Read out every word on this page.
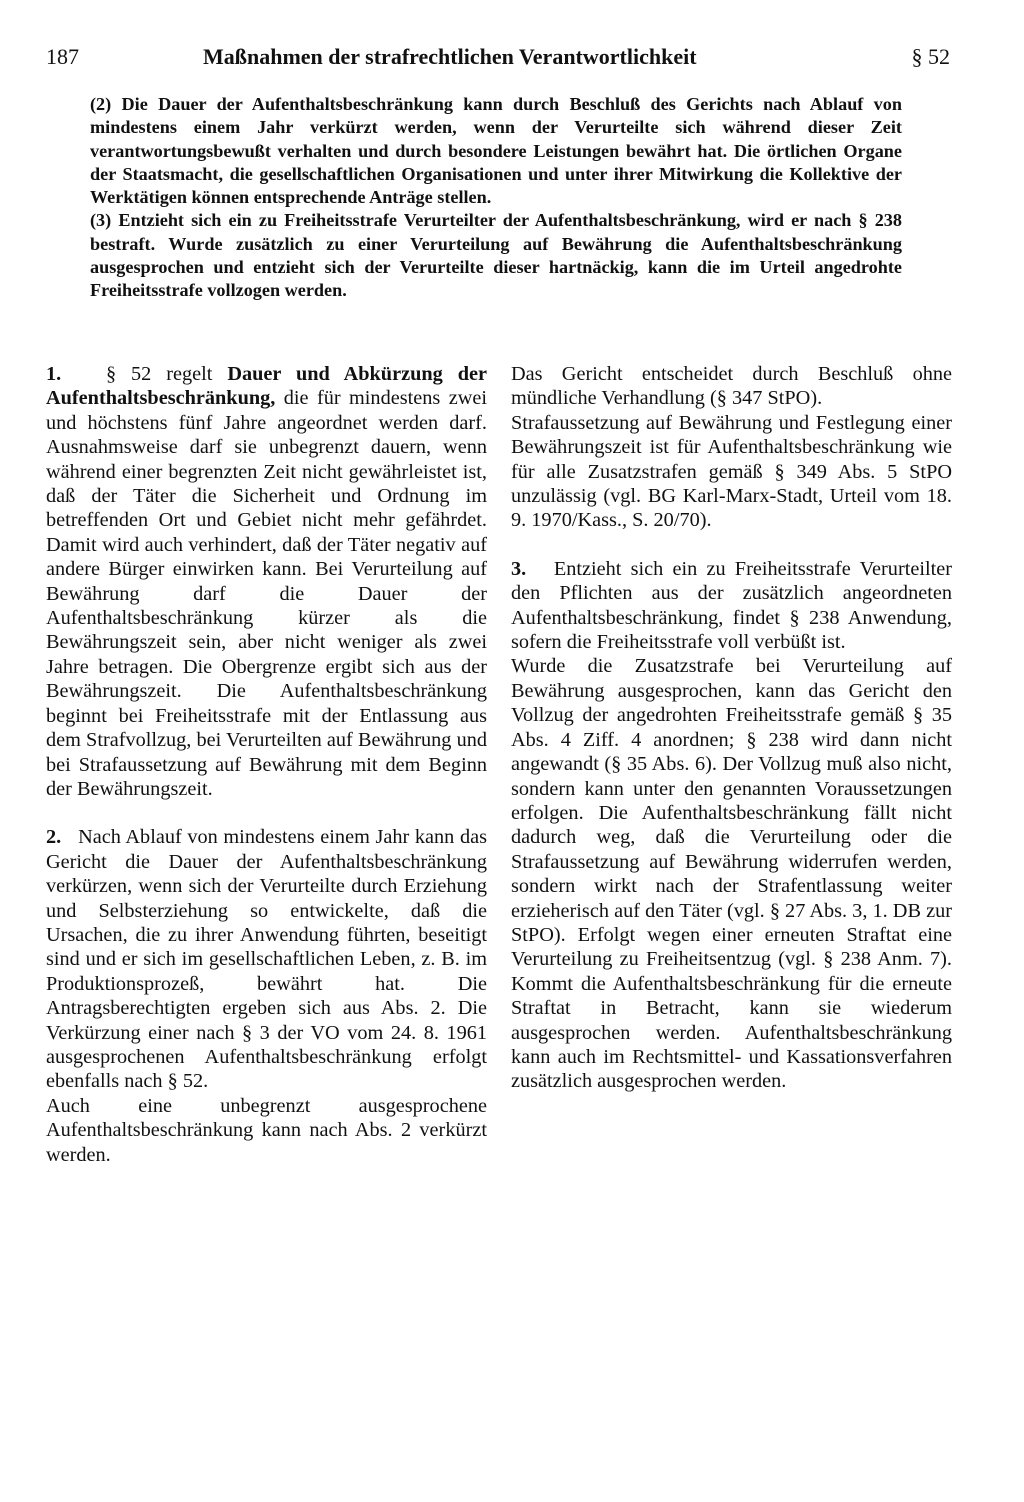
187	Maßnahmen der strafrechtlichen Verantwortlichkeit	§ 52

(2) Die Dauer der Aufenthaltsbeschränkung kann durch Beschluß des Gerichts nach Ablauf von mindestens einem Jahr verkürzt werden, wenn der Verurteilte sich während dieser Zeit verantwortungsbewußt verhalten und durch besondere Leistungen bewährt hat. Die örtlichen Organe der Staatsmacht, die gesellschaftlichen Organisationen und unter ihrer Mitwirkung die Kollektive der Werktätigen können entsprechende Anträge stellen.

(3) Entzieht sich ein zu Freiheitsstrafe Verurteilter der Aufenthaltsbeschränkung, wird er nach § 238 bestraft. Wurde zusätzlich zu einer Verurteilung auf Bewährung die Aufenthaltsbeschränkung ausgesprochen und entzieht sich der Verurteilte dieser hartnäckig, kann die im Urteil angedrohte Freiheitsstrafe vollzogen werden.

1. § 52 regelt Dauer und Abkürzung der Aufenthaltsbeschränkung, die für mindestens zwei und höchstens fünf Jahre angeordnet werden darf. Ausnahmsweise darf sie unbegrenzt dauern, wenn während einer begrenzten Zeit nicht gewährleistet ist, daß der Täter die Sicherheit und Ordnung im betreffenden Ort und Gebiet nicht mehr gefährdet. Damit wird auch verhindert, daß der Täter negativ auf andere Bürger einwirken kann. Bei Verurteilung auf Bewährung darf die Dauer der Aufenthaltsbeschränkung kürzer als die Bewährungszeit sein, aber nicht weniger als zwei Jahre betragen. Die Obergrenze ergibt sich aus der Bewährungszeit. Die Aufenthaltsbeschränkung beginnt bei Freiheitsstrafe mit der Entlassung aus dem Strafvollzug, bei Verurteilten auf Bewährung und bei Strafaussetzung auf Bewährung mit dem Beginn der Bewährungszeit.

2. Nach Ablauf von mindestens einem Jahr kann das Gericht die Dauer der Aufenthaltsbeschränkung verkürzen, wenn sich der Verurteilte durch Erziehung und Selbsterziehung so entwickelte, daß die Ursachen, die zu ihrer Anwendung führten, beseitigt sind und er sich im gesellschaftlichen Leben, z. B. im Produktionsprozeß, bewährt hat. Die Antragsberechtigten ergeben sich aus Abs. 2. Die Verkürzung einer nach § 3 der VO vom 24. 8. 1961 ausgesprochenen Aufenthaltsbeschränkung erfolgt ebenfalls nach § 52.

Auch eine unbegrenzt ausgesprochene Aufenthaltsbeschränkung kann nach Abs. 2 verkürzt werden.

Das Gericht entscheidet durch Beschluß ohne mündliche Verhandlung (§ 347 StPO).

Strafaussetzung auf Bewährung und Festlegung einer Bewährungszeit ist für Aufenthaltsbeschränkung wie für alle Zusatzstrafen gemäß § 349 Abs. 5 StPO unzulässig (vgl. BG Karl-Marx-Stadt, Urteil vom 18. 9. 1970/Kass., S. 20/70).

3. Entzieht sich ein zu Freiheitsstrafe Verurteilter den Pflichten aus der zusätzlich angeordneten Aufenthaltsbeschränkung, findet § 238 Anwendung, sofern die Freiheitsstrafe voll verbüßt ist.

Wurde die Zusatzstrafe bei Verurteilung auf Bewährung ausgesprochen, kann das Gericht den Vollzug der angedrohten Freiheitsstrafe gemäß § 35 Abs. 4 Ziff. 4 anordnen; § 238 wird dann nicht angewandt (§ 35 Abs. 6). Der Vollzug muß also nicht, sondern kann unter den genannten Voraussetzungen erfolgen. Die Aufenthaltsbeschränkung fällt nicht dadurch weg, daß die Verurteilung oder die Strafaussetzung auf Bewährung widerrufen werden, sondern wirkt nach der Strafentlassung weiter erzieherisch auf den Täter (vgl. § 27 Abs. 3, 1. DB zur StPO). Erfolgt wegen einer erneuten Straftat eine Verurteilung zu Freiheitsentzug (vgl. § 238 Anm. 7). Kommt die Aufenthaltsbeschränkung für die erneute Straftat in Betracht, kann sie wiederum ausgesprochen werden. Aufenthaltsbeschränkung kann auch im Rechtsmittel- und Kassationsverfahren zusätzlich ausgesprochen werden.
